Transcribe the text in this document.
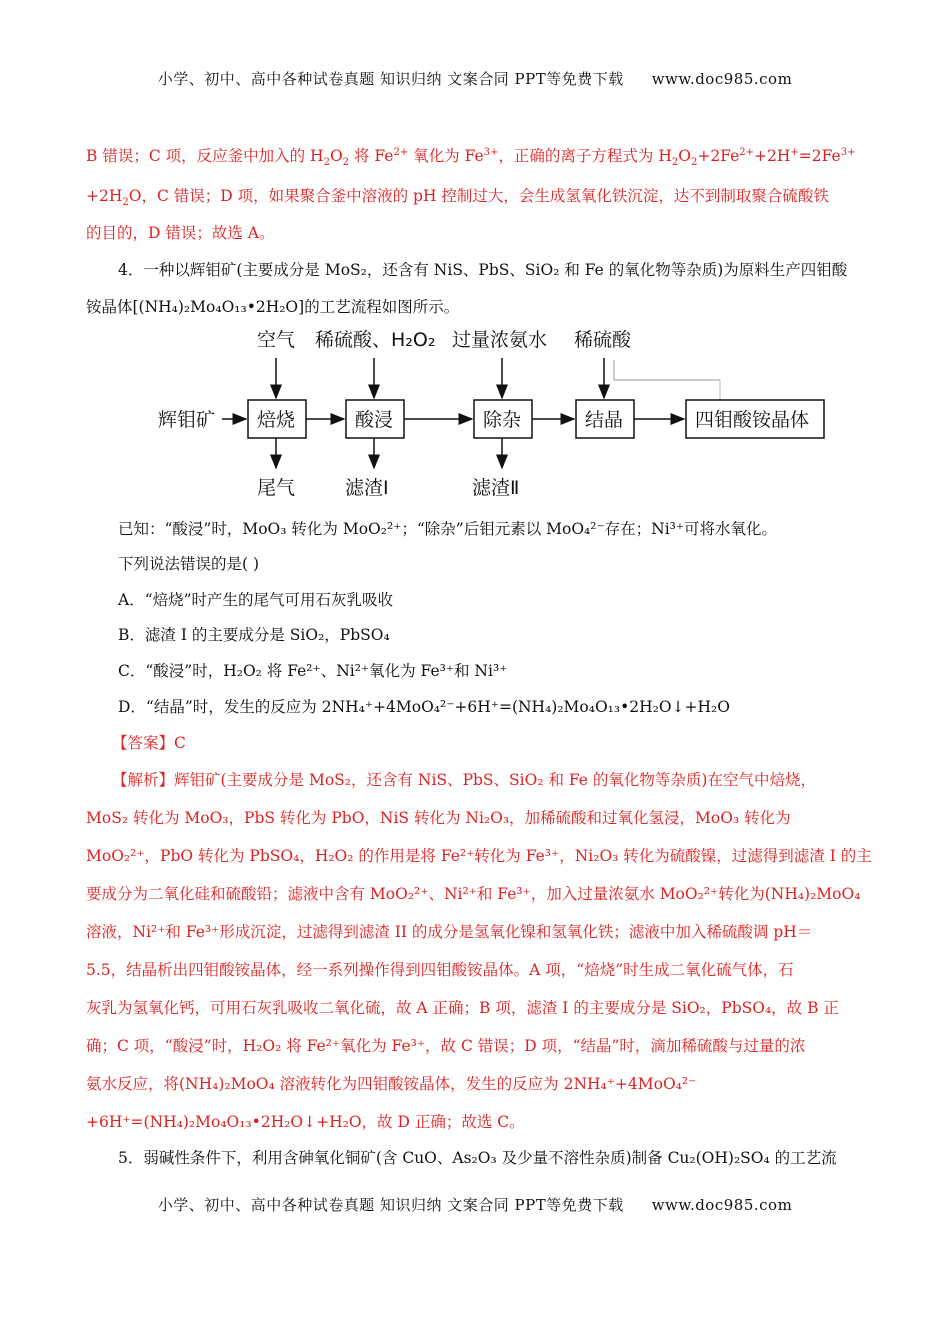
小学、初中、高中各种试卷真题 知识归纳 文案合同 PPT等免费下载 www.doc985.com
B 错误；C 项，反应釜中加入的 $H_2O_2$ 将 $Fe^{2+}$ 氧化为 $Fe^{3+}$，正确的离子方程式为 $H_2O_2+2Fe^{2+}+2H^+=2Fe^{3+}$
$+2H_2O$，C 错误；D 项，如果聚合釜中溶液的 pH 控制过大，会生成氢氧化铁沉淀，达不到制取聚合硫酸铁
的目的，D 错误；故选 A。
4．一种以辉钼矿(主要成分是 MoS₂，还含有 NiS、PbS、SiO₂ 和 Fe 的氧化物等杂质)为原料生产四钼酸
铵晶体[(NH₄)₂Mo₄O₁₃•2H₂O]的工艺流程如图所示。
空气 稀硫酸、H₂O₂ 过量浓氨水 稀硫酸
辉钼矿 焙烧	酸浸	除杂	结晶	四钼酸铵晶体
尾气	滤渣Ⅰ	滤渣Ⅱ
已知：“酸浸”时，MoO₃ 转化为 MoO₂²⁺；“除杂”后钼元素以 MoO₄²⁻存在；Ni³⁺可将水氧化。
下列说法错误的是( )
A．“焙烧”时产生的尾气可用石灰乳吸收
B．滤渣 I 的主要成分是 SiO₂，PbSO₄
C．“酸浸”时，H₂O₂ 将 Fe²⁺、Ni²⁺氧化为 Fe³⁺和 Ni³⁺
D．“结晶”时，发生的反应为 2NH₄⁺+4MoO₄²⁻+6H⁺=(NH₄)₂Mo₄O₁₃•2H₂O↓+H₂O
【答案】C
【解析】辉钼矿(主要成分是 MoS₂，还含有 NiS、PbS、SiO₂ 和 Fe 的氧化物等杂质)在空气中焙烧，
MoS₂ 转化为 MoO₃，PbS 转化为 PbO，NiS 转化为 Ni₂O₃，加稀硫酸和过氧化氢浸，MoO₃ 转化为
MoO₂²⁺，PbO 转化为 PbSO₄，H₂O₂ 的作用是将 Fe²⁺转化为 Fe³⁺，Ni₂O₃ 转化为硫酸镍，过滤得到滤渣 I 的主
要成分为二氧化硅和硫酸铅；滤液中含有 MoO₂²⁺、Ni²⁺和 Fe³⁺，加入过量浓氨水 MoO₂²⁺转化为(NH₄)₂MoO₄
溶液，Ni²⁺和 Fe³⁺形成沉淀，过滤得到滤渣 II 的成分是氢氧化镍和氢氧化铁；滤液中加入稀硫酸调 pH＝
5.5，结晶析出四钼酸铵晶体，经一系列操作得到四钼酸铵晶体。A 项，“焙烧”时生成二氧化硫气体，石
灰乳为氢氧化钙，可用石灰乳吸收二氧化硫，故 A 正确；B 项，滤渣 I 的主要成分是 SiO₂，PbSO₄，故 B 正
确；C 项，“酸浸”时，H₂O₂ 将 Fe²⁺氧化为 Fe³⁺，故 C 错误；D 项，“结晶”时，滴加稀硫酸与过量的浓
氨水反应，将(NH₄)₂MoO₄ 溶液转化为四钼酸铵晶体，发生的反应为 2NH₄⁺+4MoO₄²⁻
+6H⁺=(NH₄)₂Mo₄O₁₃•2H₂O↓+H₂O，故 D 正确；故选 C。
5．弱碱性条件下，利用含砷氧化铜矿(含 CuO、As₂O₃ 及少量不溶性杂质)制备 Cu₂(OH)₂SO₄ 的工艺流
小学、初中、高中各种试卷真题 知识归纳 文案合同 PPT等免费下载 www.doc985.com
